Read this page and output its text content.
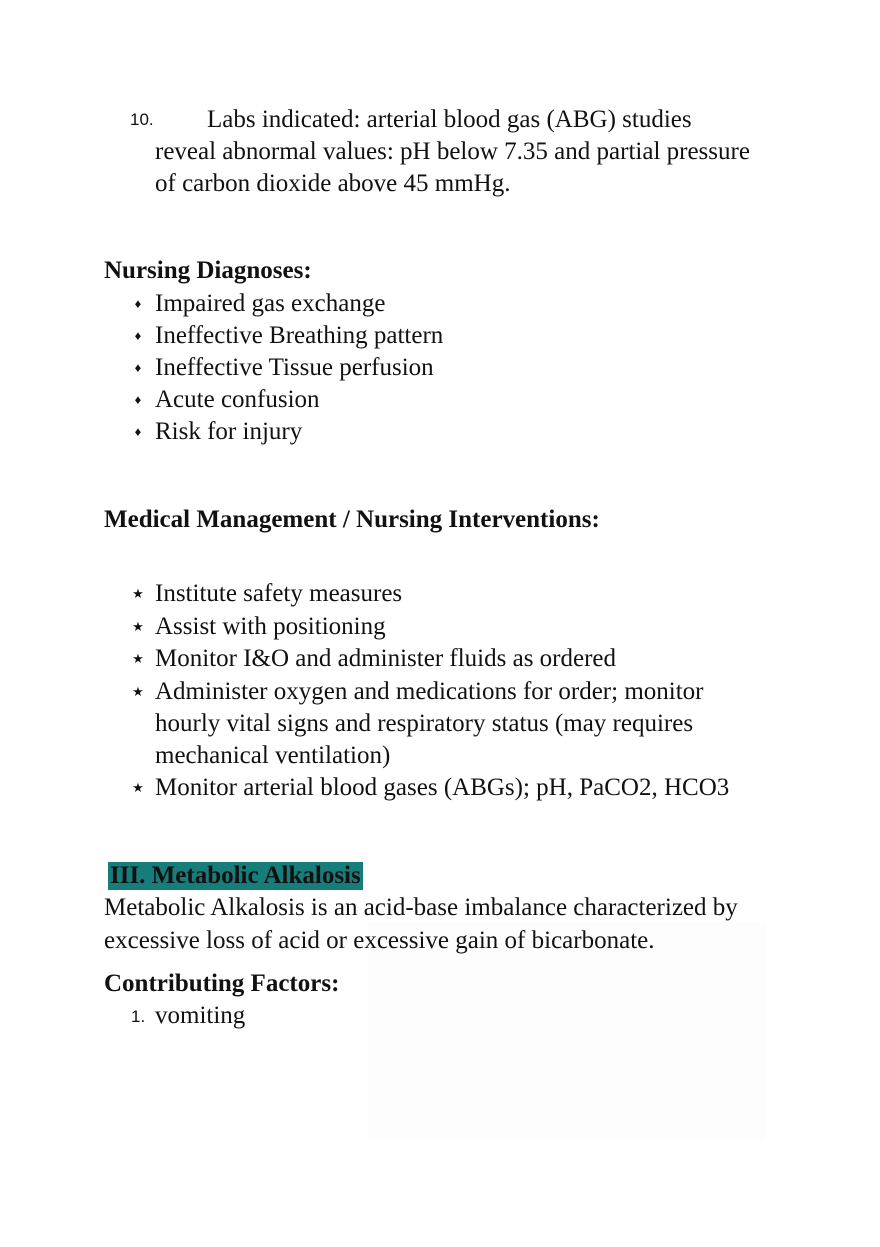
10. Labs indicated: arterial blood gas (ABG) studies
reveal abnormal values: pH below 7.35 and partial pressure
of carbon dioxide above 45 mmHg.
Nursing Diagnoses:
♦ Impaired gas exchange
♦ Ineffective Breathing pattern
♦ Ineffective Tissue perfusion
♦ Acute confusion
♦ Risk for injury
Medical Management / Nursing Interventions:
★ Institute safety measures
★ Assist with positioning
★ Monitor I&O and administer fluids as ordered
★ Administer oxygen and medications for order; monitor
hourly vital signs and respiratory status (may requires
mechanical ventilation)
★ Monitor arterial blood gases (ABGs); pH, PaCO2, HCO3
III. Metabolic Alkalosis
Metabolic Alkalosis is an acid-base imbalance characterized by
excessive loss of acid or excessive gain of bicarbonate.
Contributing Factors:
1. vomiting
